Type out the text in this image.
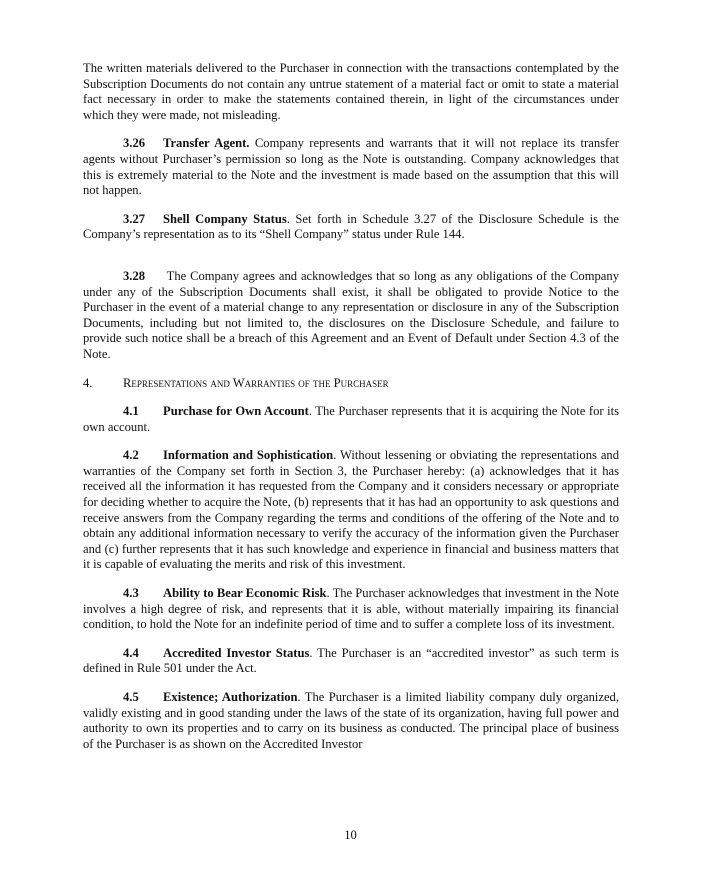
The written materials delivered to the Purchaser in connection with the transactions contemplated by the Subscription Documents do not contain any untrue statement of a material fact or omit to state a material fact necessary in order to make the statements contained therein, in light of the circumstances under which they were made, not misleading.

3.26 Transfer Agent. Company represents and warrants that it will not replace its transfer agents without Purchaser’s permission so long as the Note is outstanding. Company acknowledges that this is extremely material to the Note and the investment is made based on the assumption that this will not happen.

3.27 Shell Company Status. Set forth in Schedule 3.27 of the Disclosure Schedule is the Company’s representation as to its “Shell Company” status under Rule 144.

3.28 The Company agrees and acknowledges that so long as any obligations of the Company under any of the Subscription Documents shall exist, it shall be obligated to provide Notice to the Purchaser in the event of a material change to any representation or disclosure in any of the Subscription Documents, including but not limited to, the disclosures on the Disclosure Schedule, and failure to provide such notice shall be a breach of this Agreement and an Event of Default under Section 4.3 of the Note.

4. Representations and Warranties of the Purchaser

4.1 Purchase for Own Account. The Purchaser represents that it is acquiring the Note for its own account.

4.2 Information and Sophistication. Without lessening or obviating the representations and warranties of the Company set forth in Section 3, the Purchaser hereby: (a) acknowledges that it has received all the information it has requested from the Company and it considers necessary or appropriate for deciding whether to acquire the Note, (b) represents that it has had an opportunity to ask questions and receive answers from the Company regarding the terms and conditions of the offering of the Note and to obtain any additional information necessary to verify the accuracy of the information given the Purchaser and (c) further represents that it has such knowledge and experience in financial and business matters that it is capable of evaluating the merits and risk of this investment.

4.3 Ability to Bear Economic Risk. The Purchaser acknowledges that investment in the Note involves a high degree of risk, and represents that it is able, without materially impairing its financial condition, to hold the Note for an indefinite period of time and to suffer a complete loss of its investment.

4.4 Accredited Investor Status. The Purchaser is an “accredited investor” as such term is defined in Rule 501 under the Act.

4.5 Existence; Authorization. The Purchaser is a limited liability company duly organized, validly existing and in good standing under the laws of the state of its organization, having full power and authority to own its properties and to carry on its business as conducted. The principal place of business of the Purchaser is as shown on the Accredited Investor

10
